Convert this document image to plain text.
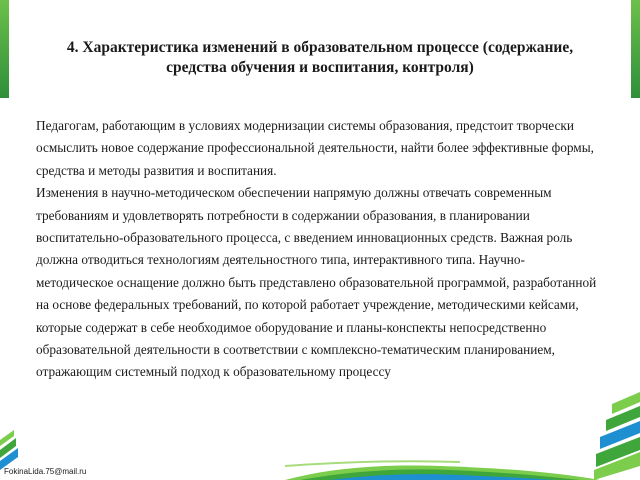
4. Характеристика изменений в образовательном процессе (содержание,
средства обучения и воспитания, контроля)

Педагогам, работающим в условиях модернизации системы образования, предстоит творчески осмыслить новое содержание профессиональной деятельности, найти более эффективные формы, средства и методы развития и воспитания.

Изменения в научно-методическом обеспечении напрямую должны отвечать современным требованиям и удовлетворять потребности в содержании образования, в планировании воспитательно-образовательного процесса, с введением инновационных средств. Важная роль должна отводиться технологиям деятельностного типа, интерактивного типа. Научно-методическое оснащение должно быть представлено образовательной программой, разработанной на основе федеральных требований, по которой работает учреждение, методическими кейсами, которые содержат в себе необходимое оборудование и планы-конспекты непосредственно образовательной деятельности в соответствии с комплексно-тематическим планированием, отражающим системный подход к образовательному процессу

FokinaLida.75@mail.ru
